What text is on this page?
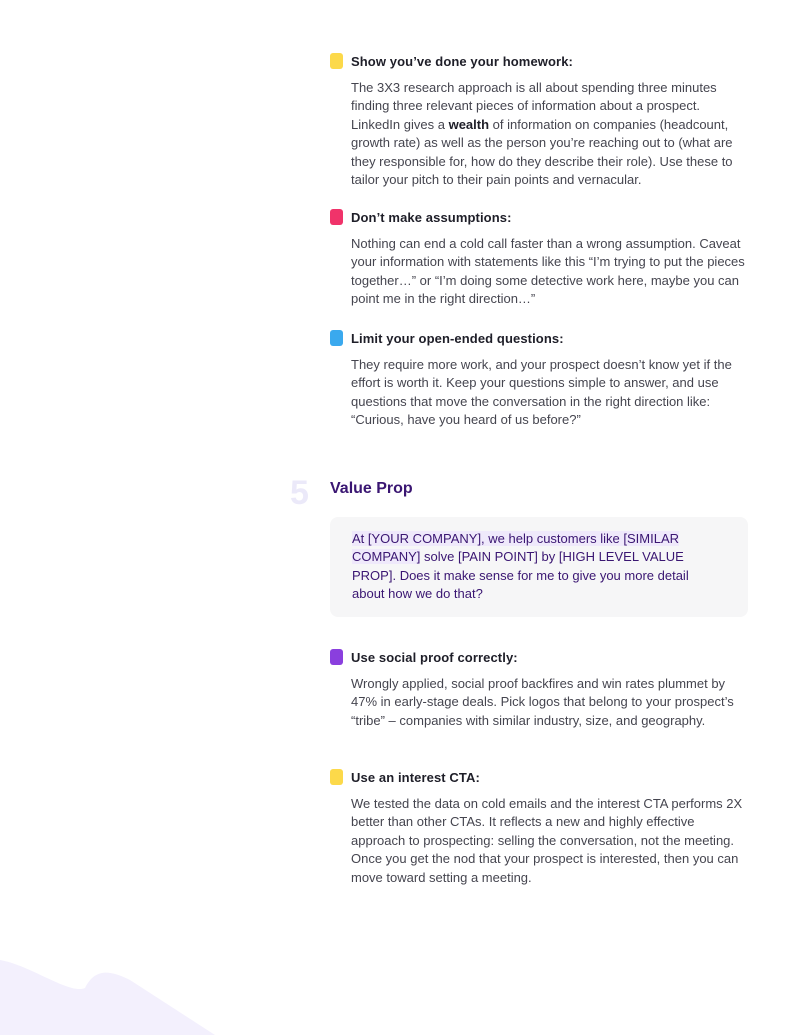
Show you’ve done your homework:
The 3X3 research approach is all about spending three minutes finding three relevant pieces of information about a prospect. LinkedIn gives a wealth of information on companies (headcount, growth rate) as well as the person you’re reaching out to (what are they responsible for, how do they describe their role). Use these to tailor your pitch to their pain points and vernacular.
Don’t make assumptions:
Nothing can end a cold call faster than a wrong assumption. Caveat your information with statements like this “I’m trying to put the pieces together…” or “I’m doing some detective work here, maybe you can point me in the right direction…”
Limit your open-ended questions:
They require more work, and your prospect doesn’t know yet if the effort is worth it. Keep your questions simple to answer, and use questions that move the conversation in the right direction like: “Curious, have you heard of us before?”
5 Value Prop
At [YOUR COMPANY], we help customers like [SIMILAR COMPANY] solve [PAIN POINT] by [HIGH LEVEL VALUE PROP]. Does it make sense for me to give you more detail about how we do that?
Use social proof correctly:
Wrongly applied, social proof backfires and win rates plummet by 47% in early-stage deals. Pick logos that belong to your prospect’s “tribe” – companies with similar industry, size, and geography.
Use an interest CTA:
We tested the data on cold emails and the interest CTA performs 2X better than other CTAs. It reflects a new and highly effective approach to prospecting: selling the conversation, not the meeting. Once you get the nod that your prospect is interested, then you can move toward setting a meeting.
